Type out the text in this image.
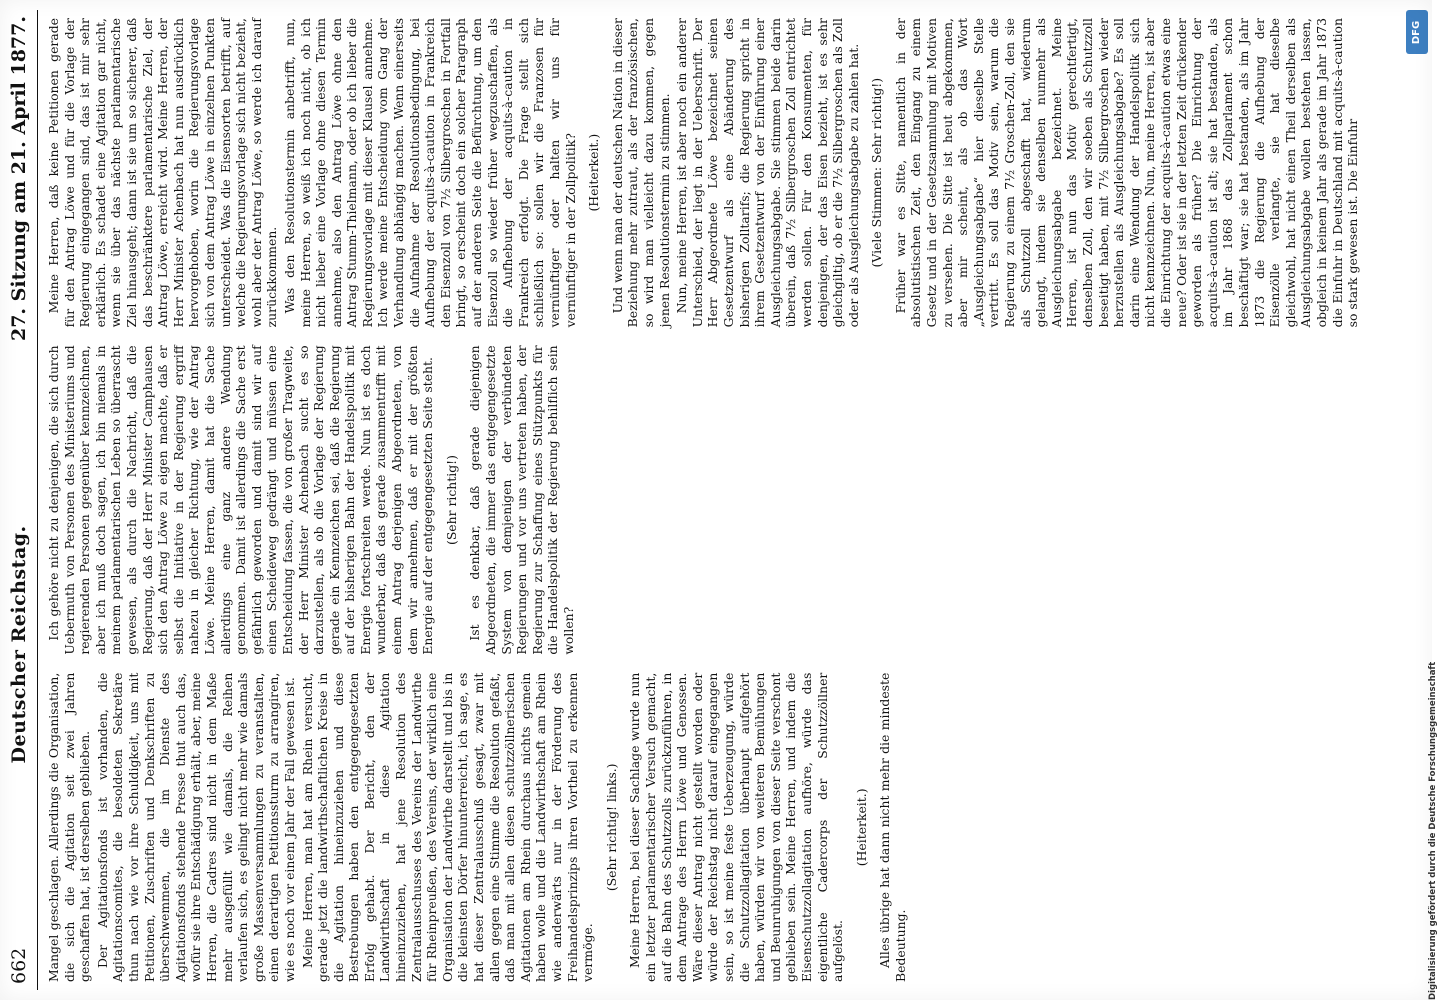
662
Deutscher Reichstag.
27. Sitzung am 21. April 1877.

Mangel geschlagen. Allerdings die Organisation, die sich die Agitation seit zwei Jahren geschaffen hat, ist derselben geblieben. Der Agitationsfonds ist vorhanden, die Agitationscomites, die besoldeten Sekretäre thun nach wie vor ihre Schuldigkeit, uns mit Petitionen, Zuschriften und Denkschriften zu überschwemmen, die im Dienste des Agitationsfonds stehende Presse thut auch das, wofür sie ihre Entschädigung erhält, aber, meine Herren, die Cadres sind nicht in dem Maße mehr ausgefüllt wie damals, die Reihen verlaufen sich, es gelingt nicht mehr wie damals große Massenversammlungen zu veranstalten, einen derartigen Petitionssturm zu arrangiren, wie es noch vor einem Jahr der Fall gewesen ist. Meine Herren, man hat am Rhein versucht, gerade jetzt die landwirthschaftlichen Kreise in die Agitation hineinzuziehen und diese Bestrebungen haben den entgegengesetzten Erfolg gehabt. Der Bericht, den der Landwirthschaft in diese Agitation hineinzuziehen, hat jene Resolution des Zentralausschusses des Vereins der Landwirthe für Rheinpreußen, des Vereins, der wirklich eine Organisation der Landwirthe darstellt und bis in die kleinsten Dörfer hinunterreicht, ich sage, es hat dieser Zentralausschuß gesagt, zwar mit allen gegen eine Stimme die Resolution gefaßt, daß man mit allen diesen schutzzöllnerischen Agitationen am Rhein durchaus nichts gemein haben wolle und die Landwirthschaft am Rhein wie anderwärts nur in der Förderung des Freihandelsprinzips ihren Vortheil zu erkennen vermöge.

(Sehr richtig! links.) Meine Herren, bei dieser Sachlage wurde nun ein letzter parlamentarischer Versuch gemacht, auf die Bahn des Schutzzolls zurückzuführen, in dem Antrage des Herrn Löwe und Genossen. Wäre dieser Antrag nicht gestellt worden oder würde der Reichstag nicht darauf eingegangen sein, so ist meine feste Ueberzeugung, würde die Schutzzollagitation überhaupt aufgehört haben, würden wir von weiteren Bemühungen und Beunruhigungen von dieser Seite verschont geblieben sein. Meine Herren, und indem die Eisenschutzzollagitation aufhöre, würde das eigentliche Cadercorps der Schutzzöllner aufgelöst.

(Heiterkeit.) Alles übrige hat dann nicht mehr die mindeste Bedeutung.

Ich gehöre nicht zu denjenigen, die sich durch Uebermuth von Personen des Ministeriums und regierenden Personen gegenüber kennzeichnen, aber ich muß doch sagen, ich bin niemals in meinem parlamentarischen Leben so überrascht gewesen, als durch die Nachricht, daß die Regierung, daß der Herr Minister Camphausen sich den Antrag Löwe zu eigen machte, daß er selbst die Initiative in der Regierung ergriff nahezu in gleicher Richtung, wie der Antrag Löwe. Meine Herren, damit hat die Sache allerdings eine ganz andere Wendung genommen. Damit ist allerdings die Sache erst gefährlich geworden und damit sind wir auf einen Scheideweg gedrängt und müssen eine Entscheidung fassen, die von großer Tragweite, der Herr Minister Achenbach sucht es so darzustellen, als ob die Vorlage der Regierung gerade ein Kennzeichen sei, daß die Regierung auf der bisherigen Bahn der Handelspolitik mit Energie fortschreiten werde. Nun ist es doch wunderbar, daß das gerade zusammentrifft mit einem Antrag derjenigen Abgeordneten, von dem wir annehmen, daß er mit der größten Energie auf der entgegengesetzten Seite steht. (Sehr richtig!) Ist es denkbar, daß gerade diejenigen Abgeordneten, die immer das entgegengesetzte System von demjenigen der verbündeten Regierungen und vor uns vertreten haben, der Regierung zur Schaffung eines Stützpunkts für die Handelspolitik der Regierung behilflich sein wollen?

Meine Herren, daß keine Petitionen gerade für den Antrag Löwe und für die Vorlage der Regierung eingegangen sind, das ist mir sehr erklärlich. Es schadet eine Agitation gar nicht, wenn sie über das nächste parlamentarische Ziel hinausgeht; dann ist sie um so sicherer, daß das beschränktere parlamentarische Ziel, der Antrag Löwe, erreicht wird. Meine Herren, der Herr Minister Achenbach hat nun ausdrücklich hervorgehoben, worin die Regierungsvorlage sich von dem Antrag Löwe in einzelnen Punkten unterscheidet. Was die Eisensorten betrifft, auf welche die Regierungsvorlage sich nicht bezieht, wohl aber der Antrag Löwe, so werde ich darauf zurückkommen. Was den Resolutionstermin anbetrifft, nun, meine Herren, so weiß ich noch nicht, ob ich nicht lieber eine Vorlage ohne diesen Termin annehme, also den Antrag Löwe ohne den Antrag Stumm-Thielmann, oder ob ich lieber die Regierungsvorlage mit dieser Klausel annehme. Ich werde meine Entscheidung vom Gang der Verhandlung abhängig machen. Wenn einerseits die Aufnahme der Resolutionsbedingung, bei Aufhebung der acquits-à-caution in Frankreich den Eisenzoll von 7½ Silbergroschen in Fortfall bringt, so erscheint doch ein solcher Paragraph auf der anderen Seite die Befürchtung, um den Eisenzoll so wieder früher wegzuschaffen, als die Aufhebung der acquits-à-caution in Frankreich erfolgt. Die Frage stellt sich schließlich so: sollen wir die Franzosen für vernünftiger oder halten wir uns für vernünftiger in der Zollpolitik? (Heiterkeit.) Und wenn man der deutschen Nation in dieser Beziehung mehr zutraut, als der französischen, so wird man vielleicht dazu kommen, gegen jenen Resolutionstermin zu stimmen. Nun, meine Herren, ist aber noch ein anderer Unterschied, der liegt in der Ueberschrift. Der Herr Abgeordnete Löwe bezeichnet seinen Gesetzentwurf als eine Abänderung des bisherigen Zolltarifs; die Regierung spricht in ihrem Gesetzentwurf von der Einführung einer Ausgleichungsabgabe. Sie stimmen beide darin überein, daß 7½ Silbergroschen Zoll entrichtet werden sollen. Für den Konsumenten, für denjenigen, der das Eisen bezieht, ist es sehr gleichgiltig, ob er die 7½ Silbergroschen als Zoll oder als Ausgleichungsabgabe zu zahlen hat. (Viele Stimmen: Sehr richtig!) Früher war es Sitte, namentlich in der absolutistischen Zeit, den Eingang zu einem Gesetz und in der Gesetzsammlung mit Motiven zu versehen. Die Sitte ist heut abgekommen, aber mir scheint, als ob das Wort „Ausgleichungsabgabe“ hier dieselbe Stelle vertritt. Es soll das Motiv sein, warum die Regierung zu einem 7½ Groschen-Zoll, den sie als Schutzzoll abgeschafft hat, wiederum gelangt, indem sie denselben nunmehr als Ausgleichungsabgabe bezeichnet. Meine Herren, ist nun das Motiv gerechtfertigt, denselben Zoll, den wir soeben als Schutzzoll beseitigt haben, mit 7½ Silbergroschen wieder herzustellen als Ausgleichungsabgabe? Es soll darin eine Wendung der Handelspolitik sich nicht kennzeichnen. Nun, meine Herren, ist aber die Einrichtung der acquits-à-caution etwas eine neue? Oder ist sie in der letzten Zeit drückender geworden als früher? Die Einrichtung der acquits-à-caution ist alt; sie hat bestanden, als im Jahr 1868 das Zollparlament schon beschäftigt war; sie hat bestanden, als im Jahr 1873 die Regierung die Aufhebung der Eisenzölle verlangte, sie hat dieselbe gleichwohl, hat nicht einen Theil derselben als Ausgleichungsabgabe wollen bestehen lassen, obgleich in keinem Jahr als gerade im Jahr 1873 die Einfuhr in Deutschland mit acquits-à-caution so stark gewesen ist. Die Einfuhr

Digitalisierung gefördert durch die Deutsche Forschungsgemeinschaft
DFG
